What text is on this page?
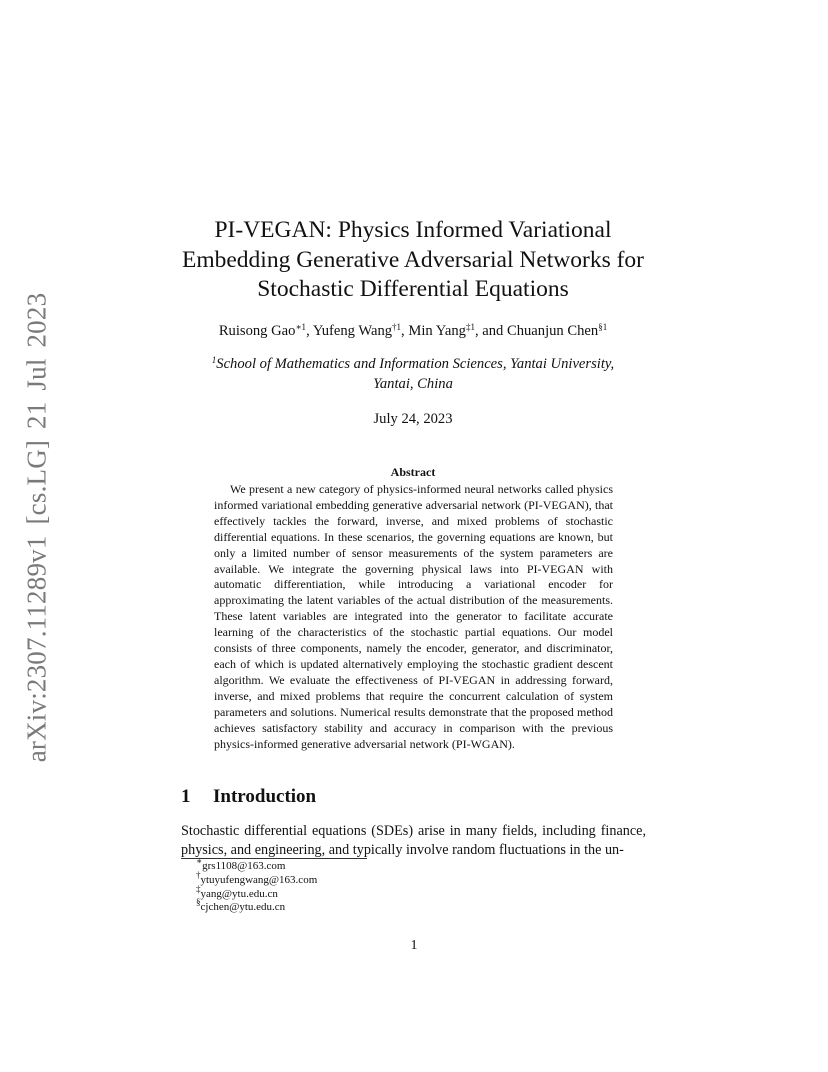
arXiv:2307.11289v1 [cs.LG] 21 Jul 2023
PI-VEGAN: Physics Informed Variational
Embedding Generative Adversarial Networks for
Stochastic Differential Equations
Ruisong Gao$^{∗1}$, Yufeng Wang$^{\dagger 1}$, Min Yang$^{\ddagger 1}$, and Chuanjun Chen$^{\S 1}$
$^1$School of Mathematics and Information Sciences, Yantai University, Yantai, China
July 24, 2023
Abstract

We present a new category of physics-informed neural networks called physics informed variational embedding generative adversarial network (PI-VEGAN), that effectively tackles the forward, inverse, and mixed problems of stochastic differential equations. In these scenarios, the governing equations are known, but only a limited number of sensor measurements of the system parameters are available. We integrate the governing physical laws into PI-VEGAN with automatic differentiation, while introducing a variational encoder for approximating the latent variables of the actual distribution of the measurements. These latent variables are integrated into the generator to facilitate accurate learning of the characteristics of the stochastic partial equations. Our model consists of three components, namely the encoder, generator, and discriminator, each of which is updated alternatively employing the stochastic gradient descent algorithm. We evaluate the effectiveness of PI-VEGAN in addressing forward, inverse, and mixed problems that require the concurrent calculation of system parameters and solutions. Numerical results demonstrate that the proposed method achieves satisfactory stability and accuracy in comparison with the previous physics-informed generative adversarial network (PI-WGAN).

1 Introduction

Stochastic differential equations (SDEs) arise in many fields, including finance, physics, and engineering, and typically involve random fluctuations in the un-

∗grs1108@163.com
†ytuyufengwang@163.com
‡yang@ytu.edu.cn
§cjchen@ytu.edu.cn
1
